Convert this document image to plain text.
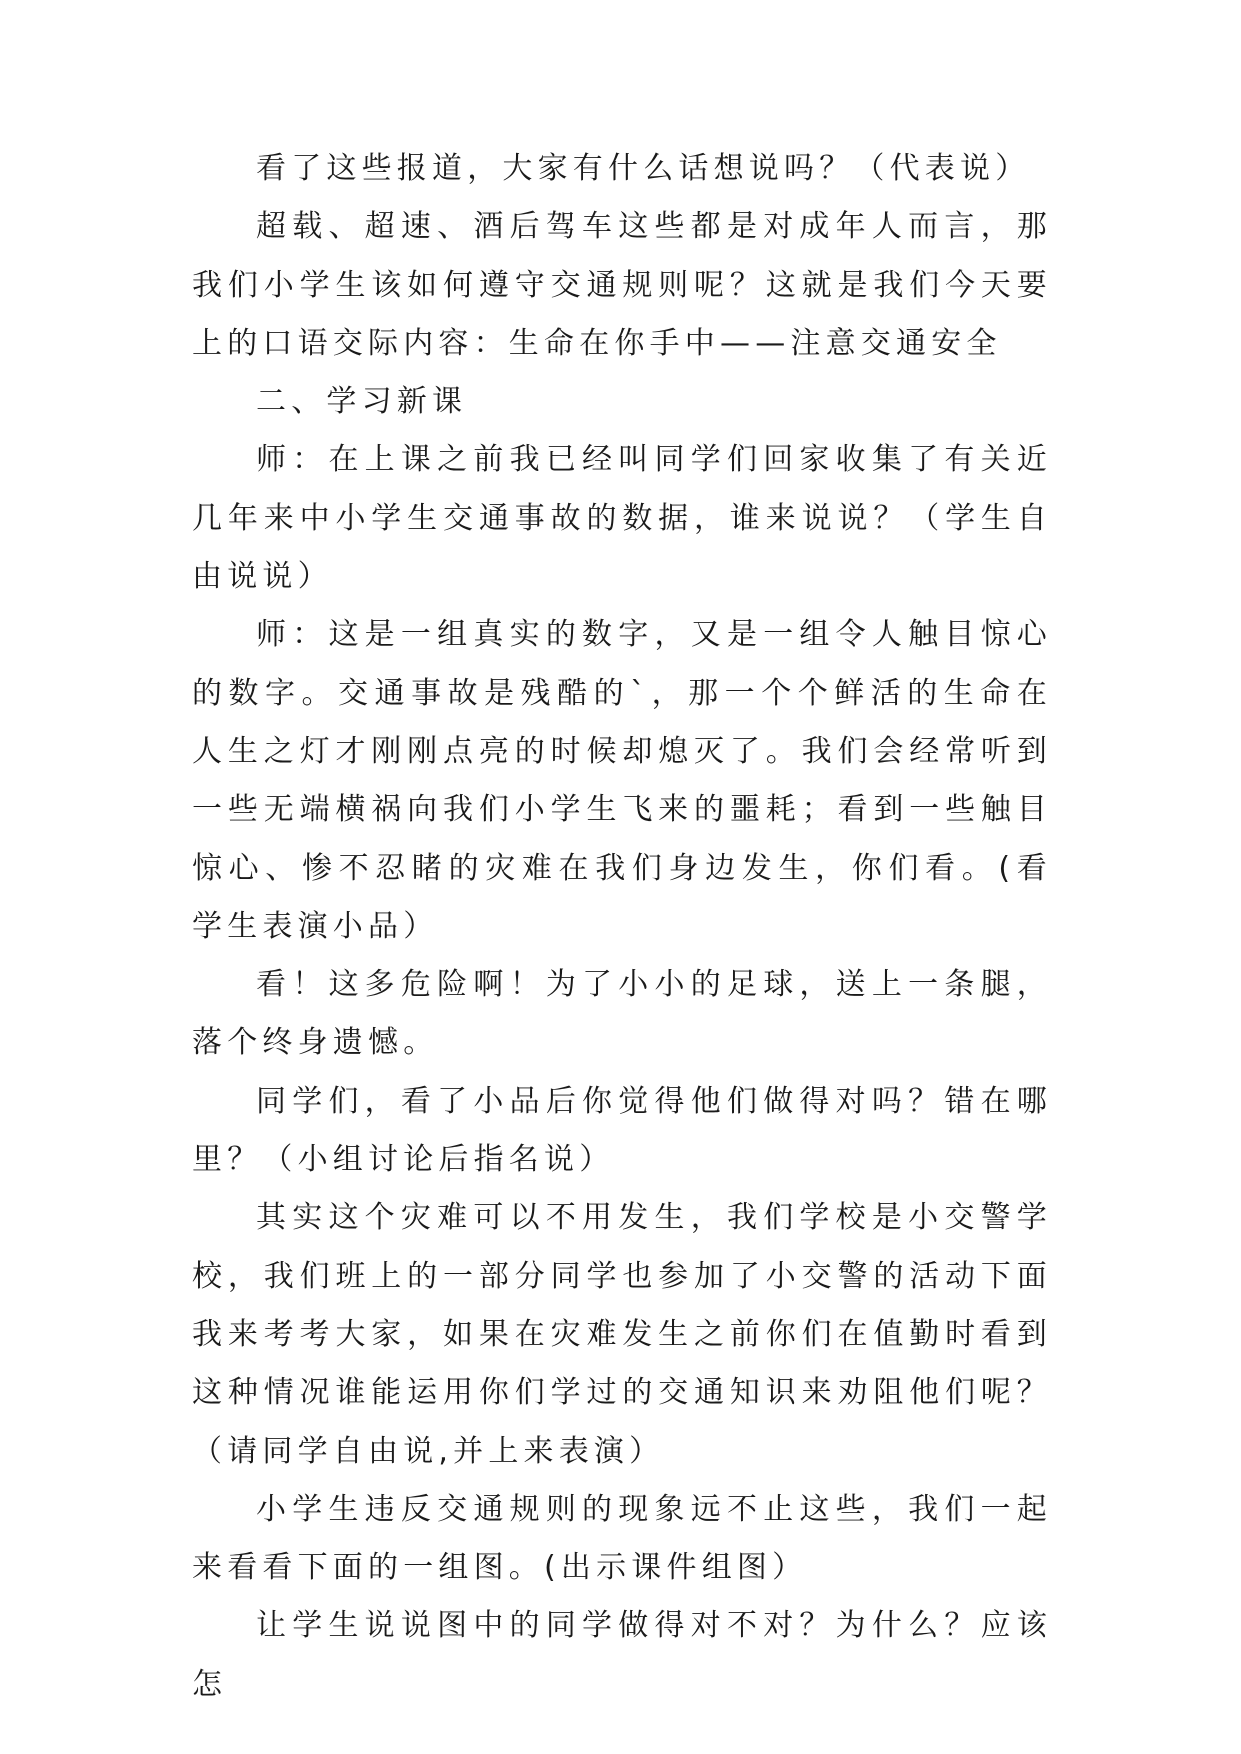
看了这些报道，大家有什么话想说吗？（代表说）

超载、超速、酒后驾车这些都是对成年人而言，那我们小学生该如何遵守交通规则呢？这就是我们今天要上的口语交际内容：生命在你手中——注意交通安全

二、学习新课

师：在上课之前我已经叫同学们回家收集了有关近几年来中小学生交通事故的数据，谁来说说？（学生自由说说）

师：这是一组真实的数字，又是一组令人触目惊心的数字。交通事故是残酷的`，那一个个鲜活的生命在人生之灯才刚刚点亮的时候却熄灭了。我们会经常听到一些无端横祸向我们小学生飞来的噩耗；看到一些触目惊心、惨不忍睹的灾难在我们身边发生，你们看。(看学生表演小品）

看！这多危险啊！为了小小的足球，送上一条腿，落个终身遗憾。

同学们，看了小品后你觉得他们做得对吗？错在哪里？（小组讨论后指名说）

其实这个灾难可以不用发生，我们学校是小交警学校，我们班上的一部分同学也参加了小交警的活动下面我来考考大家，如果在灾难发生之前你们在值勤时看到这种情况谁能运用你们学过的交通知识来劝阻他们呢？（请同学自由说,并上来表演）

小学生违反交通规则的现象远不止这些，我们一起来看看下面的一组图。(出示课件组图）

让学生说说图中的同学做得对不对？为什么？应该怎
